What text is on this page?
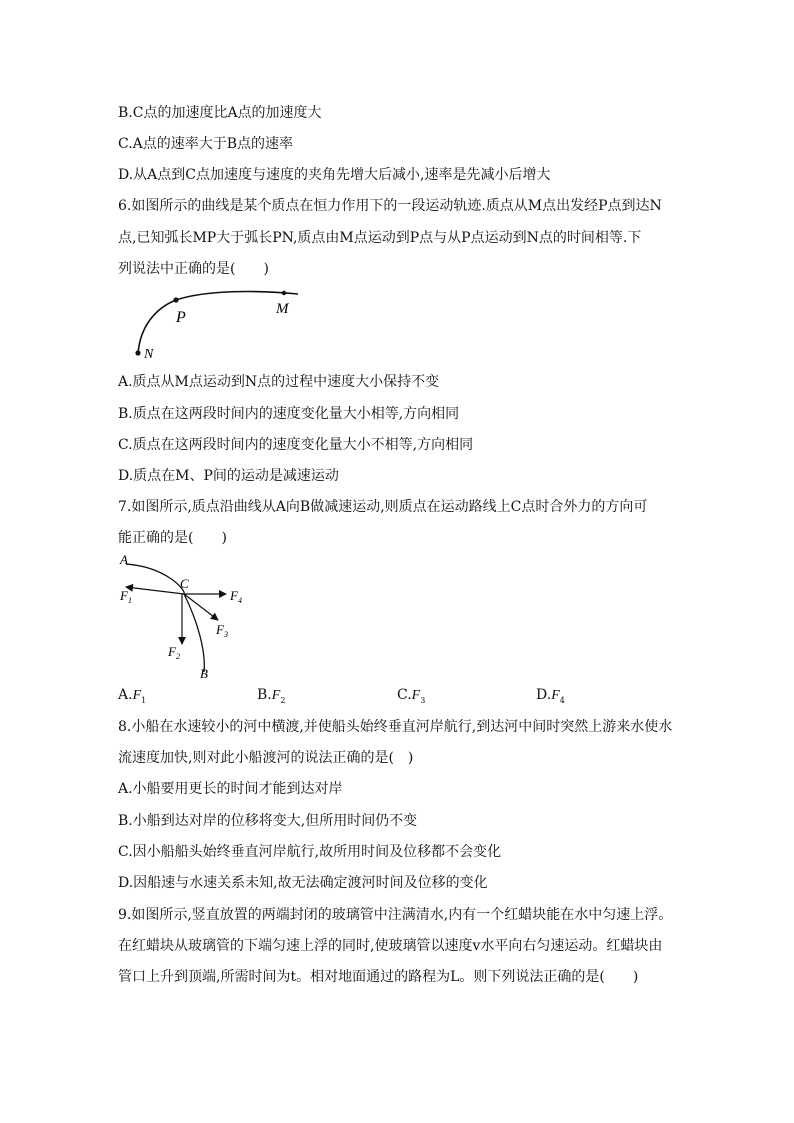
B.C点的加速度比A点的加速度大
C.A点的速率大于B点的速率
D.从A点到C点加速度与速度的夹角先增大后减小,速率是先减小后增大
6.如图所示的曲线是某个质点在恒力作用下的一段运动轨迹.质点从M点出发经P点到达N
点,已知弧长MP大于弧长PN,质点由M点运动到P点与从P点运动到N点的时间相等.下
列说法中正确的是(　　)
M
P
N
A.质点从M点运动到N点的过程中速度大小保持不变
B.质点在这两段时间内的速度变化量大小相等,方向相同
C.质点在这两段时间内的速度变化量大小不相等,方向相同
D.质点在M、P间的运动是减速运动
7.如图所示,质点沿曲线从A向B做减速运动,则质点在运动路线上C点时合外力的方向可
能正确的是(　　)
A
C
B
$F_1$
$F_2$
$F_3$
$F_4$
$A.F_1$	$B.F_2$	$C.F_3$	$D.F_4$
8.小船在水速较小的河中横渡,并使船头始终垂直河岸航行,到达河中间时突然上游来水使水
流速度加快,则对此小船渡河的说法正确的是(　)
A.小船要用更长的时间才能到达对岸
B.小船到达对岸的位移将变大,但所用时间仍不变
C.因小船船头始终垂直河岸航行,故所用时间及位移都不会变化
D.因船速与水速关系未知,故无法确定渡河时间及位移的变化
9.如图所示,竖直放置的两端封闭的玻璃管中注满清水,内有一个红蜡块能在水中匀速上浮。
在红蜡块从玻璃管的下端匀速上浮的同时,使玻璃管以速度v水平向右匀速运动。红蜡块由
管口上升到顶端,所需时间为t。相对地面通过的路程为L。则下列说法正确的是(　　)
